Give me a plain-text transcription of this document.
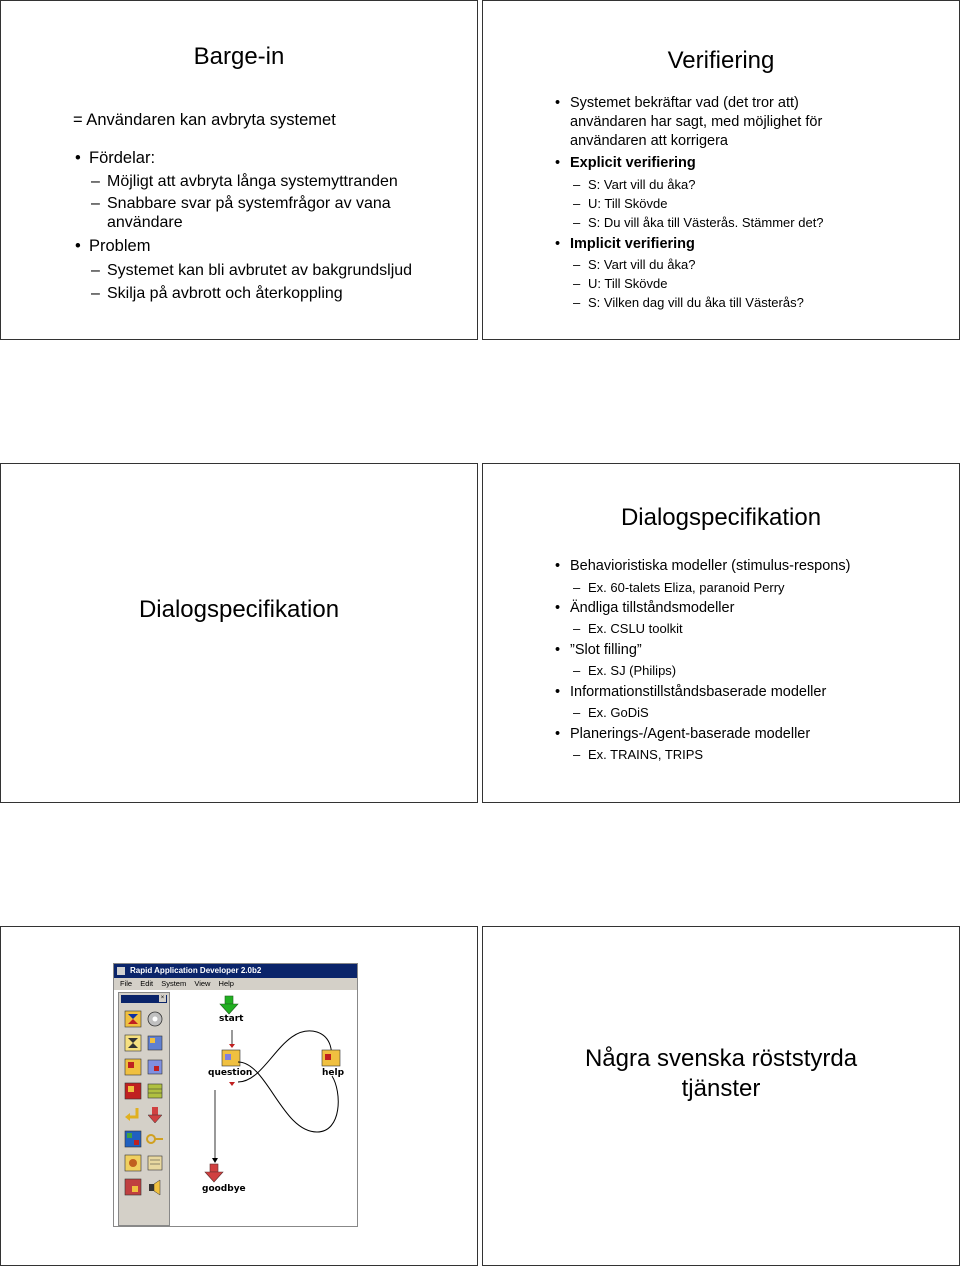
Barge-in
= Användaren kan avbryta systemet
• Fördelar:
– Möjligt att avbryta långa systemyttranden
– Snabbare svar på systemfrågor av vana
användare
• Problem
– Systemet kan bli avbrutet av bakgrundsljud
– Skilja på avbrott och återkoppling
Verifiering
• Systemet bekräftar vad (det tror att)
användaren har sagt, med möjlighet för
användaren att korrigera
• Explicit verifiering
– S: Vart vill du åka?
– U: Till Skövde
– S: Du vill åka till Västerås. Stämmer det?
• Implicit verifiering
– S: Vart vill du åka?
– U: Till Skövde
– S: Vilken dag vill du åka till Västerås?
Dialogspecifikation
Dialogspecifikation
• Behavioristiska modeller (stimulus-respons)
– Ex. 60-talets Eliza, paranoid Perry
• Ändliga tillståndsmodeller
– Ex. CSLU toolkit
• ”Slot filling”
– Ex. SJ (Philips)
• Informationstillståndsbaserade modeller
– Ex. GoDiS
• Planerings-/Agent-baserade modeller
– Ex. TRAINS, TRIPS
Rapid Application Developer 2.0b2
File Edit System View Help
×
start
question	help
goodbye
Några svenska röststyrda
tjänster
